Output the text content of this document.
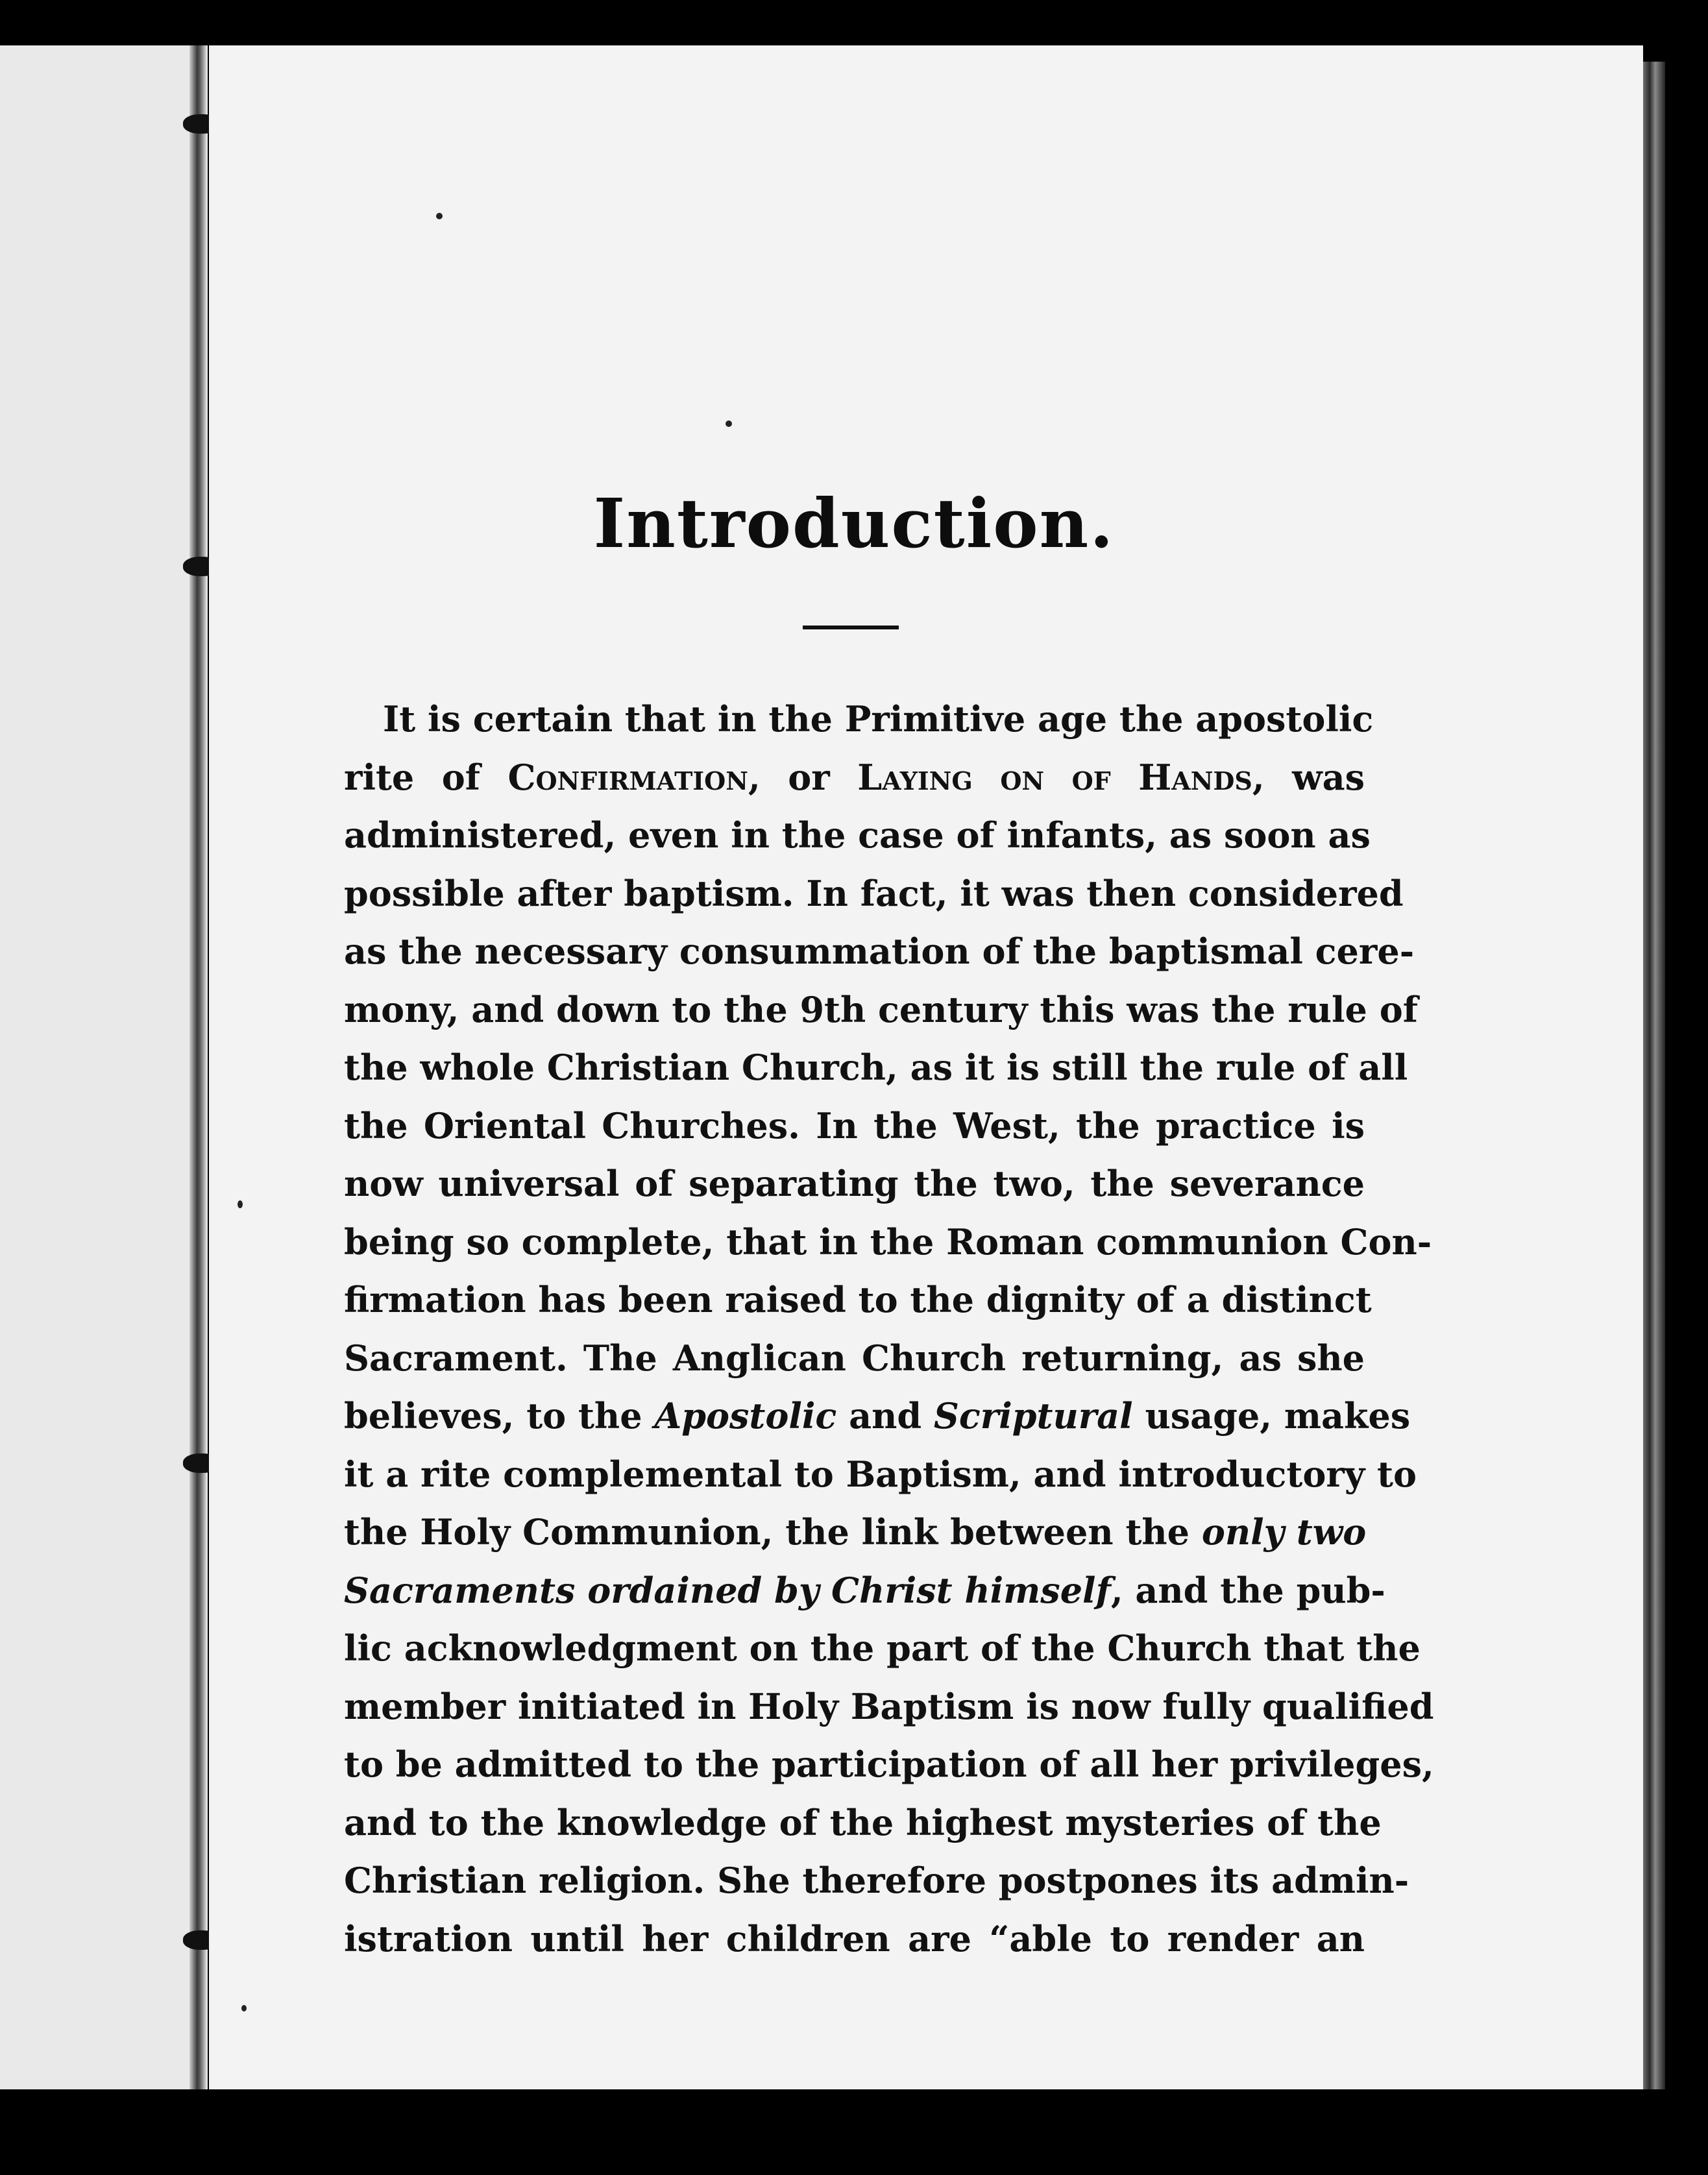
Introduction.
It is certain that in the Primitive age the apostolic
rite of Confirmation, or Laying on of Hands, was
administered, even in the case of infants, as soon as
possible after baptism. In fact, it was then considered
as the necessary consummation of the baptismal cere-
mony, and down to the 9th century this was the rule of
the whole Christian Church, as it is still the rule of all
the Oriental Churches. In the West, the practice is
now universal of separating the two, the severance
being so complete, that in the Roman communion Con-
firmation has been raised to the dignity of a distinct
Sacrament. The Anglican Church returning, as she
believes, to the Apostolic and Scriptural usage, makes
it a rite complemental to Baptism, and introductory to
the Holy Communion, the link between the only two
Sacraments ordained by Christ himself, and the pub-
lic acknowledgment on the part of the Church that the
member initiated in Holy Baptism is now fully qualified
to be admitted to the participation of all her privileges,
and to the knowledge of the highest mysteries of the
Christian religion. She therefore postpones its admin-
istration until her children are “able to render an
